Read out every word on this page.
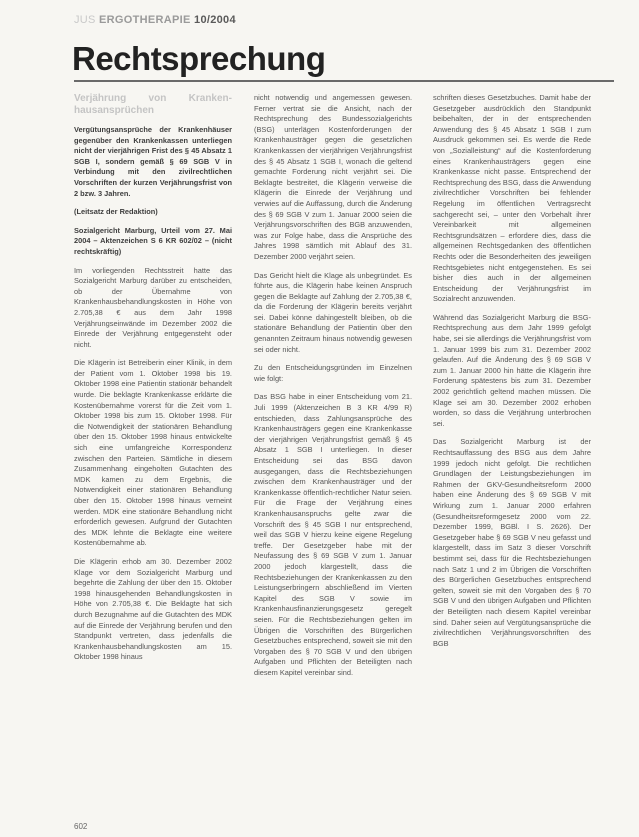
JUS ERGOTHERAPIE 10/2004
Rechtsprechung

Verjährung von Kranken-hausansprüchen

Vergütungsansprüche der Krankenhäuser gegenüber den Krankenkassen unterliegen nicht der vierjährigen Frist des § 45 Absatz 1 SGB I, sondern gemäß § 69 SGB V in Verbindung mit den zivilrechtlichen Vorschriften der kurzen Verjährungsfrist von 2 bzw. 3 Jahren.

(Leitsatz der Redaktion)

Sozialgericht Marburg, Urteil vom 27. Mai 2004 – Aktenzeichen S 6 KR 602/02 – (nicht rechtskräftig)

Im vorliegenden Rechtsstreit hatte das Sozialgericht Marburg darüber zu entscheiden, ob der Übernahme von Krankenhausbehandlungskosten in Höhe von 2.705,38 € aus dem Jahr 1998 Verjährungseinwände im Dezember 2002 die Einrede der Verjährung entgegensteht oder nicht.

Die Klägerin ist Betreiberin einer Klinik, in dem der Patient vom 1. Oktober 1998 bis 19. Oktober 1998 eine Patientin stationär behandelt wurde. Die beklagte Krankenkasse erklärte die Kostenübernahme vorerst für die Zeit vom 1. Oktober 1998 bis zum 15. Oktober 1998. Für die Notwendigkeit der stationären Behandlung über den 15. Oktober 1998 hinaus entwickelte sich eine umfangreiche Korrespondenz zwischen den Parteien. Sämtliche in diesem Zusammenhang eingeholten Gutachten des MDK kamen zu dem Ergebnis, die Notwendigkeit einer stationären Behandlung über den 15. Oktober 1998 hinaus verneint werden. MDK eine stationäre Behandlung nicht erforderlich gewesen. Aufgrund der Gutachten des MDK lehnte die Beklagte eine weitere Kostenübernahme ab.

Die Klägerin erhob am 30. Dezember 2002 Klage vor dem Sozialgericht Marburg und begehrte die Zahlung der über den 15. Oktober 1998 hinausgehenden Behandlungskosten in Höhe von 2.705,38 €. Die Beklagte hat sich durch Bezugnahme auf die Gutachten des MDK auf die Einrede der Verjährung berufen und den Standpunkt vertreten, dass jedenfalls die Krankenhausbehandlungskosten am 15. Oktober 1998 hinaus

nicht notwendig und angemessen gewesen. Ferner vertrat sie die Ansicht, nach der Rechtsprechung des Bundessozialgerichts (BSG) unterlägen Kostenforderungen der Krankenhausträger gegen die gesetzlichen Krankenkassen der vierjährigen Verjährungsfrist des § 45 Absatz 1 SGB I, wonach die geltend gemachte Forderung nicht verjährt sei. Die Beklagte bestreitet, die Klägerin verweise die Klägerin die Einrede der Verjährung und verwies auf die Auffassung, durch die Änderung des § 69 SGB V zum 1. Januar 2000 seien die Verjährungsvorschriften des BGB anzuwenden, was zur Folge habe, dass die Ansprüche des Jahres 1998 sämtlich mit Ablauf des 31. Dezember 2000 verjährt seien.

Das Gericht hielt die Klage als unbegründet. Es führte aus, die Klägerin habe keinen Anspruch gegen die Beklagte auf Zahlung der 2.705,38 €, da die Forderung der Klägerin bereits verjährt sei. Dabei könne dahingestellt bleiben, ob die stationäre Behandlung der Patientin über den genannten Zeitraum hinaus notwendig gewesen sei oder nicht.

Zu den Entscheidungsgründen im Einzelnen wie folgt:

Das BSG habe in einer Entscheidung vom 21. Juli 1999 (Aktenzeichen B 3 KR 4/99 R) entschieden, dass Zahlungsansprüche des Krankenhausträgers gegen eine Krankenkasse der vierjährigen Verjährungsfrist gemäß § 45 Absatz 1 SGB I unterliegen. In dieser Entscheidung sei das BSG davon ausgegangen, dass die Rechtsbeziehungen zwischen dem Krankenhausträger und der Krankenkasse öffentlich-rechtlicher Natur seien. Für die Frage der Verjährung eines Krankenhausanspruchs gelte zwar die Vorschrift des § 45 SGB I nur entsprechend, weil das SGB V hierzu keine eigene Regelung treffe. Der Gesetzgeber habe mit der Neufassung des § 69 SGB V zum 1. Januar 2000 jedoch klargestellt, dass die Rechtsbeziehungen der Krankenkassen zu den Leistungserbringern abschließend im Vierten Kapitel des SGB V sowie im Krankenhausfinanzierungsgesetz geregelt seien. Für die Rechtsbeziehungen gelten im Übrigen die Vorschriften des Bürgerlichen Gesetzbuches entsprechend, soweit sie mit den Vorgaben des § 70 SGB V und den übrigen Aufgaben und Pflichten der Beteiligten nach diesem Kapitel vereinbar sind.

schriften dieses Gesetzbuches. Damit habe der Gesetzgeber ausdrücklich den Standpunkt beibehalten, der in der entsprechenden Anwendung des § 45 Absatz 1 SGB I zum Ausdruck gekommen sei. Es werde die Rede von „Sozialleistung“ auf die Kostenforderung eines Krankenhausträgers gegen eine Krankenkasse nicht passe. Entsprechend der Rechtsprechung des BSG, dass die Anwendung zivilrechtlicher Vorschriften bei fehlender Regelung im öffentlichen Vertragsrecht sachgerecht sei, – unter den Vorbehalt ihrer Vereinbarkeit mit allgemeinen Rechtsgrundsätzen – erfordere dies, dass die allgemeinen Rechtsgedanken des öffentlichen Rechts oder die Besonderheiten des jeweiligen Rechtsgebietes nicht entgegenstehen. Es sei bisher dies auch in der allgemeinen Entscheidung der Verjährungsfrist im Sozialrecht anzuwenden.

Während das Sozialgericht Marburg die BSG-Rechtsprechung aus dem Jahr 1999 gefolgt habe, sei sie allerdings die Verjährungsfrist vom 1. Januar 1999 bis zum 31. Dezember 2002 gelaufen. Auf die Änderung des § 69 SGB V zum 1. Januar 2000 hin hätte die Klägerin ihre Forderung spätestens bis zum 31. Dezember 2002 gerichtlich geltend machen müssen. Die Klage sei am 30. Dezember 2002 erhoben worden, so dass die Verjährung unterbrochen sei.

Das Sozialgericht Marburg ist der Rechtsauffassung des BSG aus dem Jahre 1999 jedoch nicht gefolgt. Die rechtlichen Grundlagen der Leistungsbeziehungen im Rahmen der GKV-Gesundheitsreform 2000 haben eine Änderung des § 69 SGB V mit Wirkung zum 1. Januar 2000 erfahren (Gesundheitsreformgesetz 2000 vom 22. Dezember 1999, BGBl. I S. 2626). Der Gesetzgeber habe § 69 SGB V neu gefasst und klargestellt, dass im Satz 3 dieser Vorschrift bestimmt sei, dass für die Rechtsbeziehungen nach Satz 1 und 2 im Übrigen die Vorschriften des Bürgerlichen Gesetzbuches entsprechend gelten, soweit sie mit den Vorgaben des § 70 SGB V und den übrigen Aufgaben und Pflichten der Beteiligten nach diesem Kapitel vereinbar sind. Daher seien auf Vergütungsansprüche die zivilrechtlichen Verjährungsvorschriften des BGB

602
